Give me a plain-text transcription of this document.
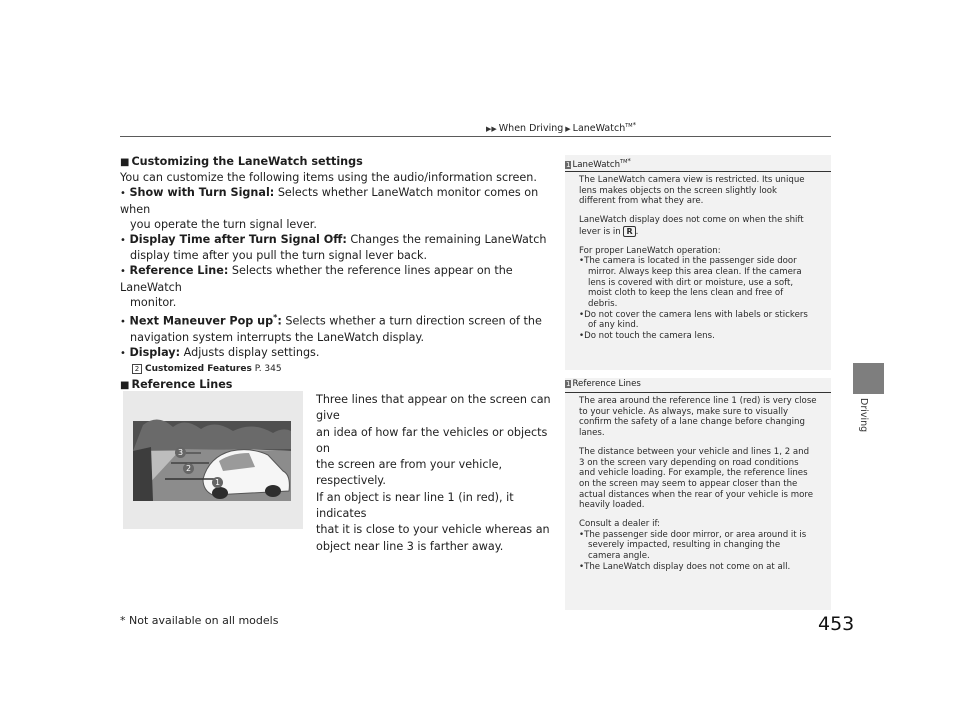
▶▶ When Driving ▶ LaneWatch$^{TM*}$
Driving
■ Customizing the LaneWatch settings
You can customize the following items using the audio/information screen.
• Show with Turn Signal: Selects whether LaneWatch monitor comes on when
you operate the turn signal lever.
• Display Time after Turn Signal Off: Changes the remaining LaneWatch
display time after you pull the turn signal lever back.
• Reference Line: Selects whether the reference lines appear on the LaneWatch
monitor.
• Next Maneuver Pop up*: Selects whether a turn direction screen of the
navigation system interrupts the LaneWatch display.
• Display: Adjusts display settings.
2 Customized Features P. 345
■ Reference Lines
1
2
3
Three lines that appear on the screen can give
an idea of how far the vehicles or objects on
the screen are from your vehicle, respectively.
If an object is near line 1 (in red), it indicates
that it is close to your vehicle whereas an
object near line 3 is farther away.
1 LaneWatch$^{TM*}$
The LaneWatch camera view is restricted. Its unique
lens makes objects on the screen slightly look
different from what they are.
LaneWatch display does not come on when the shift
lever is in R .
For proper LaneWatch operation:
•The camera is located in the passenger side door
mirror. Always keep this area clean. If the camera
lens is covered with dirt or moisture, use a soft,
moist cloth to keep the lens clean and free of
debris.
•Do not cover the camera lens with labels or stickers
of any kind.
•Do not touch the camera lens.
1 Reference Lines
The area around the reference line 1 (red) is very close
to your vehicle. As always, make sure to visually
confirm the safety of a lane change before changing
lanes.
The distance between your vehicle and lines 1, 2 and
3 on the screen vary depending on road conditions
and vehicle loading. For example, the reference lines
on the screen may seem to appear closer than the
actual distances when the rear of your vehicle is more
heavily loaded.
Consult a dealer if:
•The passenger side door mirror, or area around it is
severely impacted, resulting in changing the
camera angle.
•The LaneWatch display does not come on at all.
* Not available on all models	453
